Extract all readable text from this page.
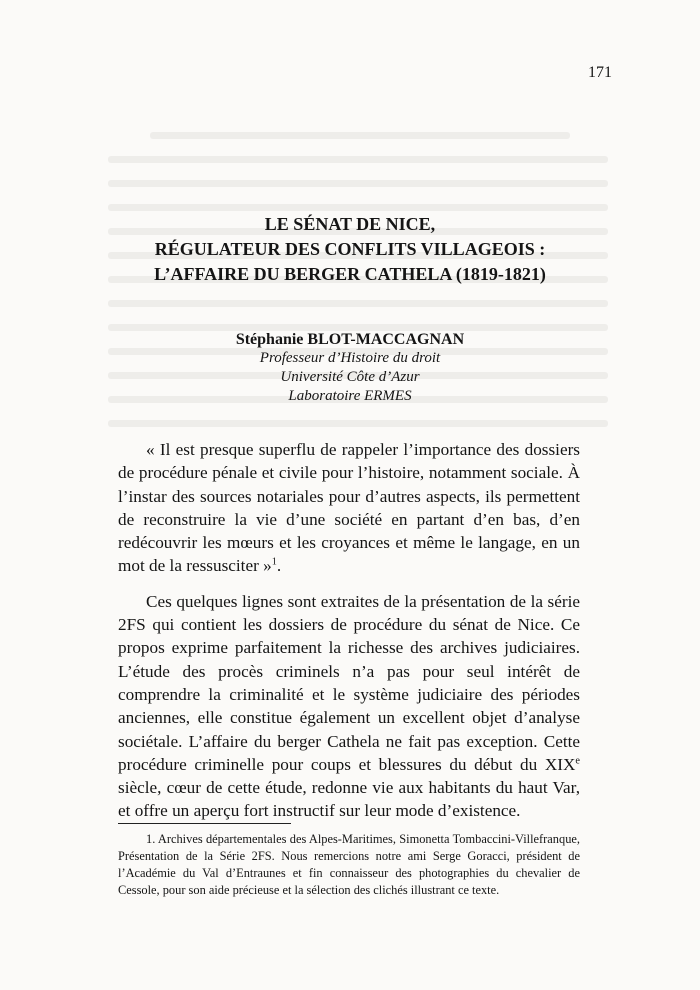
171
LE SÉNAT DE NICE,
RÉGULATEUR DES CONFLITS VILLAGEOIS :
L’AFFAIRE DU BERGER CATHELA (1819-1821)
Stéphanie BLOT-MACCAGNAN
Professeur d’Histoire du droit
Université Côte d’Azur
Laboratoire ERMES

« Il est presque superflu de rappeler l’importance des dossiers de procédure pénale et civile pour l’histoire, notamment sociale. À l’instar des sources notariales pour d’autres aspects, ils permettent de reconstruire la vie d’une société en partant d’en bas, d’en redécouvrir les mœurs et les croyances et même le langage, en un mot de la ressusciter »$^1$.

Ces quelques lignes sont extraites de la présentation de la série 2FS qui contient les dossiers de procédure du sénat de Nice. Ce propos exprime parfaitement la richesse des archives judiciaires. L’étude des procès criminels n’a pas pour seul intérêt de comprendre la criminalité et le système judiciaire des périodes anciennes, elle constitue également un excellent objet d’analyse sociétale. L’affaire du berger Cathela ne fait pas exception. Cette procédure criminelle pour coups et blessures du début du XIXe siècle, cœur de cette étude, redonne vie aux habitants du haut Var, et offre un aperçu fort instructif sur leur mode d’existence.

1. Archives départementales des Alpes-Maritimes, Simonetta Tombaccini-Villefranque, Présentation de la Série 2FS. Nous remercions notre ami Serge Goracci, président de l’Académie du Val d’Entraunes et fin connaisseur des photographies du chevalier de Cessole, pour son aide précieuse et la sélection des clichés illustrant ce texte.
